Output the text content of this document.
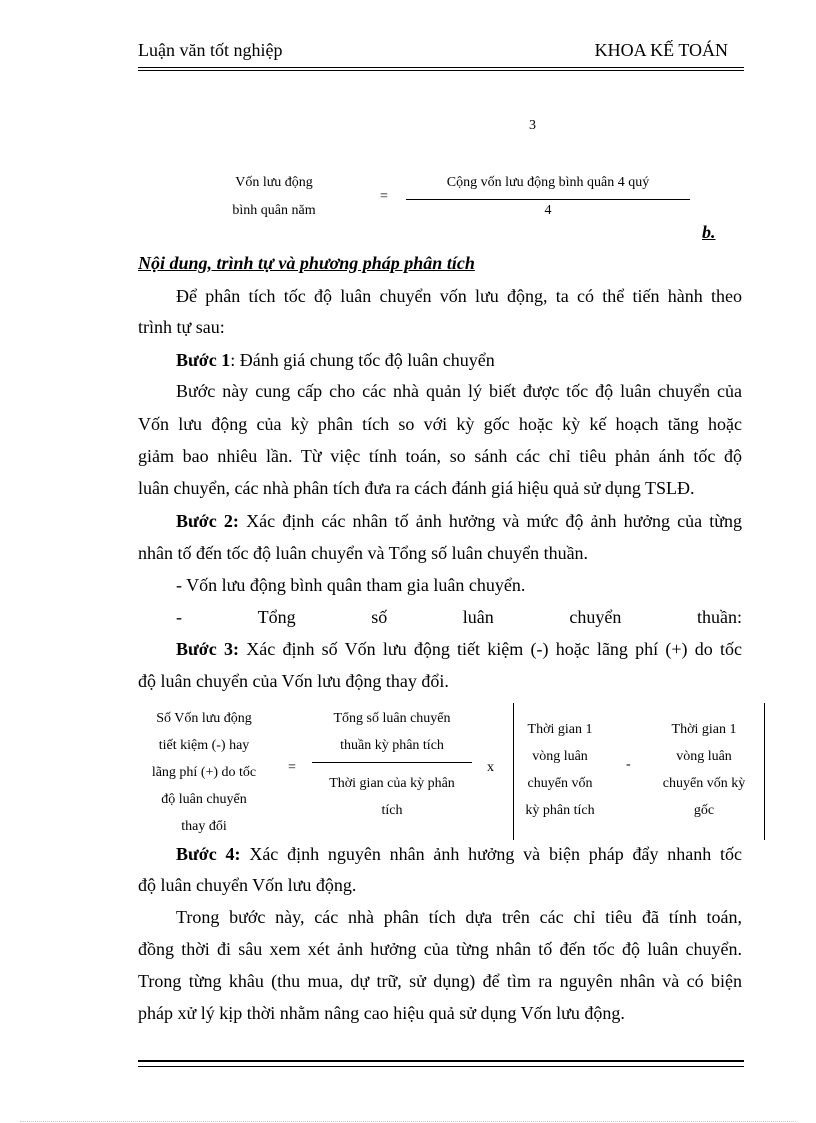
Luận văn tốt nghiệp	KHOA KẾ TOÁN
3
Vốn lưu động
bình quân năm
=
Cộng vốn lưu động bình quân 4 quý
4
b.
Nội dung, trình tự và phương pháp phân tích
Để phân tích tốc độ luân chuyển vốn lưu động, ta có thể tiến hành theo
trình tự sau:
Bước 1: Đánh giá chung tốc độ luân chuyển
Bước này cung cấp cho các nhà quản lý biết được tốc độ luân chuyển của
Vốn lưu động của kỳ phân tích so với kỳ gốc hoặc kỳ kế hoạch tăng hoặc
giảm bao nhiêu lần. Từ việc tính toán, so sánh các chỉ tiêu phản ánh tốc độ
luân chuyển, các nhà phân tích đưa ra cách đánh giá hiệu quả sử dụng TSLĐ.
Bước 2: Xác định các nhân tố ảnh hưởng và mức độ ảnh hưởng của từng
nhân tố đến tốc độ luân chuyển và Tổng số luân chuyển thuần.
- Vốn lưu động bình quân tham gia luân chuyển.
-	Tổng	số	luân	chuyển	thuần:
Bước 3: Xác định số Vốn lưu động tiết kiệm (-) hoặc lãng phí (+) do tốc
độ luân chuyển của Vốn lưu động thay đổi.
Số Vốn lưu động
tiết kiệm (-) hay
lãng phí (+) do tốc
độ luân chuyển
thay đổi
=
Tổng số luân chuyển
thuần kỳ phân tích
Thời gian của kỳ phân
tích
x
Thời gian 1
vòng luân
chuyển vốn
kỳ phân tích
-
Thời gian 1
vòng luân
chuyển vốn kỳ
gốc
Bước 4: Xác định nguyên nhân ảnh hưởng và biện pháp đẩy nhanh tốc
độ luân chuyển Vốn lưu động.
Trong bước này, các nhà phân tích dựa trên các chỉ tiêu đã tính toán,
đồng thời đi sâu xem xét ảnh hưởng của từng nhân tố đến tốc độ luân chuyển.
Trong từng khâu (thu mua, dự trữ, sử dụng) để tìm ra nguyên nhân và có biện
pháp xử lý kịp thời nhằm nâng cao hiệu quả sử dụng Vốn lưu động.
